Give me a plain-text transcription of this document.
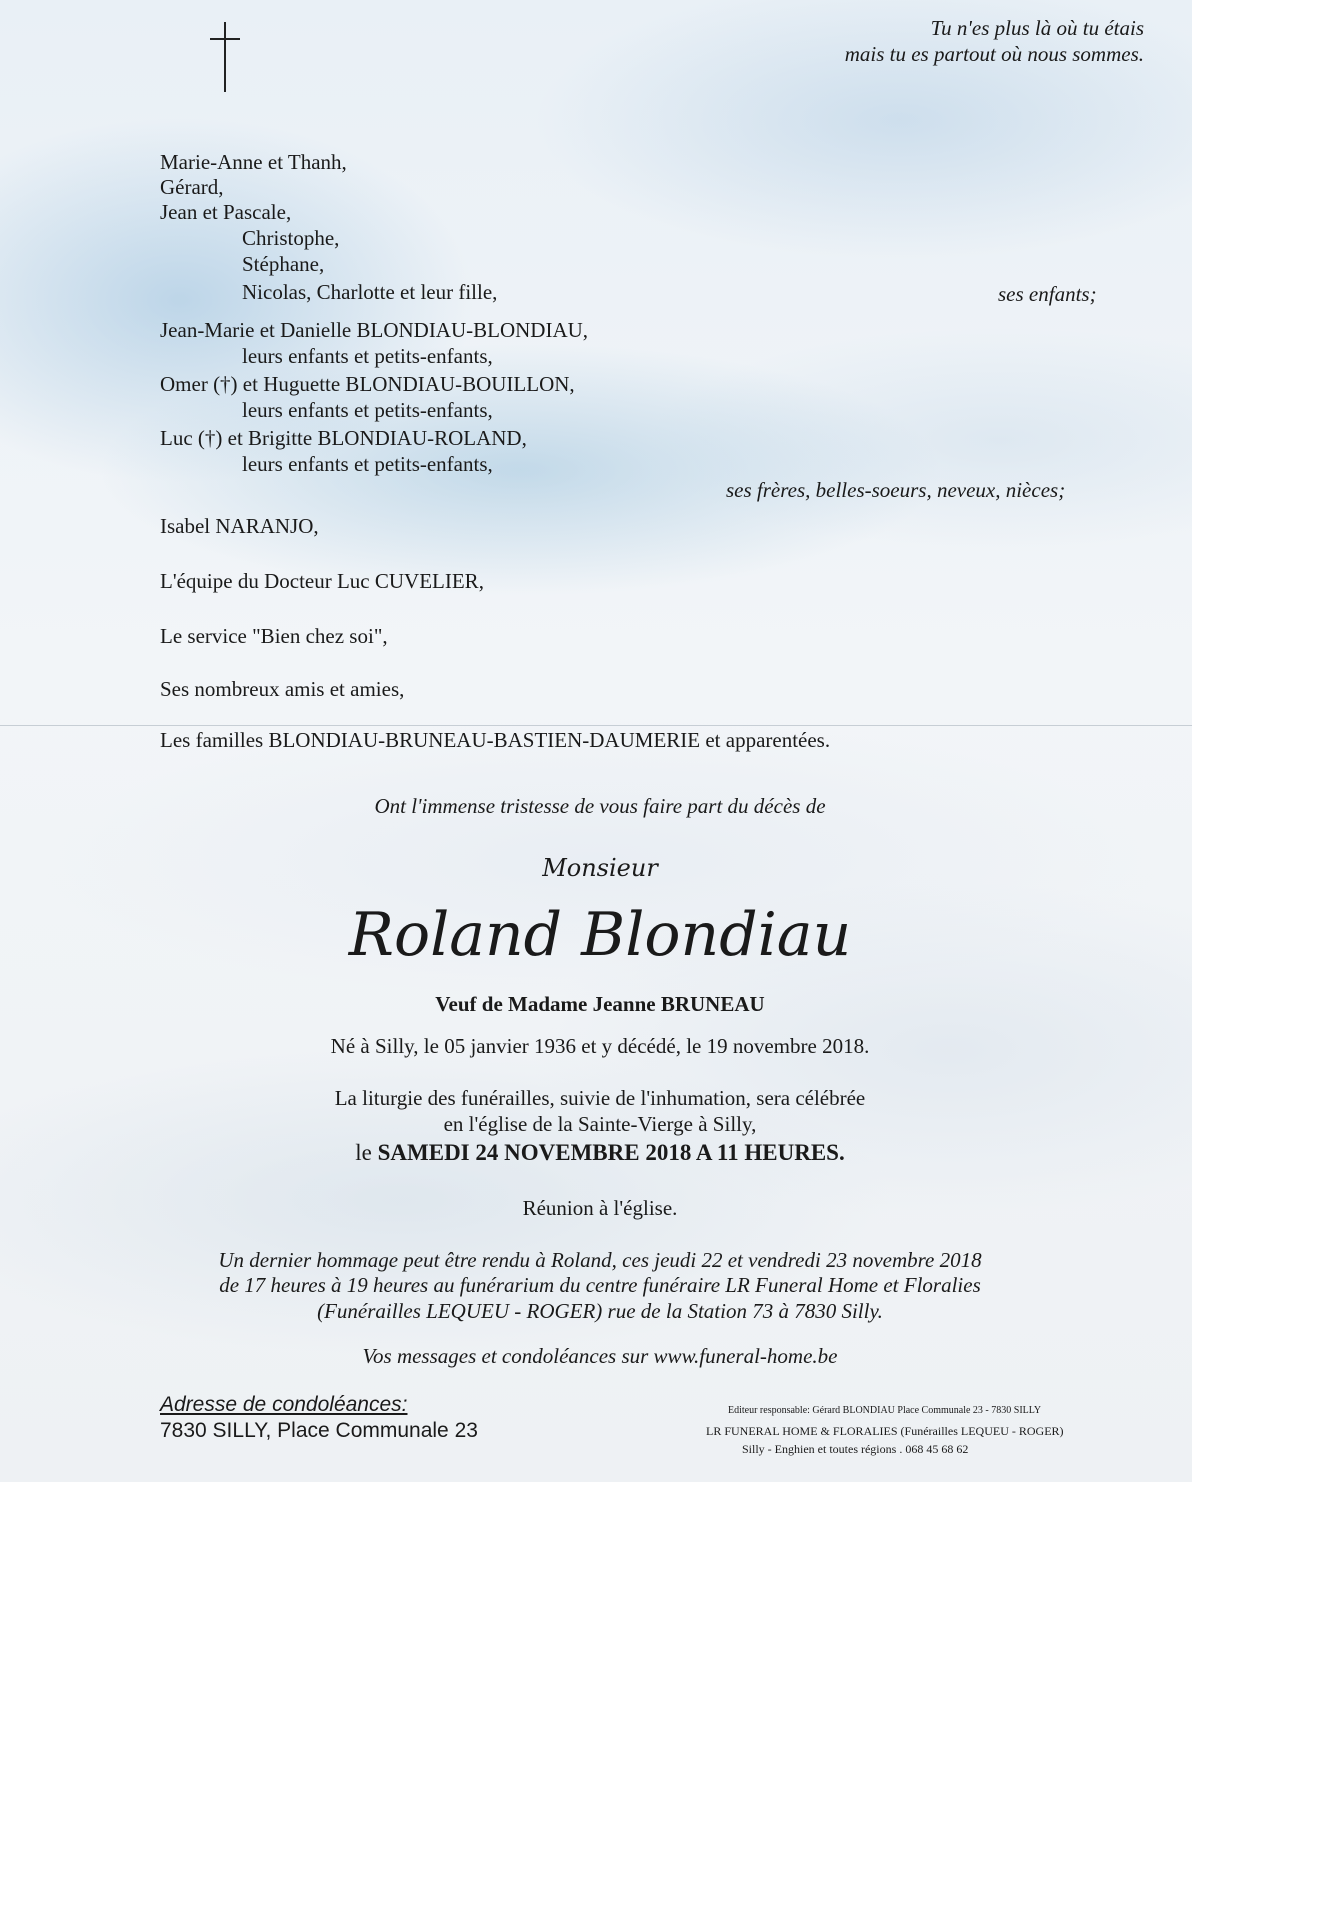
Tu n'es plus là où tu étais
mais tu es partout où nous sommes.
Marie-Anne et Thanh,
Gérard,
Jean et Pascale,
Christophe,
Stéphane,
Nicolas, Charlotte et leur fille,	ses enfants;
Jean-Marie et Danielle BLONDIAU-BLONDIAU,
leurs enfants et petits-enfants,
Omer (†) et Huguette BLONDIAU-BOUILLON,
leurs enfants et petits-enfants,
Luc (†) et Brigitte BLONDIAU-ROLAND,
leurs enfants et petits-enfants,
ses frères, belles-soeurs, neveux, nièces;
Isabel NARANJO,
L'équipe du Docteur Luc CUVELIER,
Le service "Bien chez soi",
Ses nombreux amis et amies,
Les familles BLONDIAU-BRUNEAU-BASTIEN-DAUMERIE et apparentées.
Ont l'immense tristesse de vous faire part du décès de
Monsieur
Roland Blondiau
Veuf de Madame Jeanne BRUNEAU
Né à Silly, le 05 janvier 1936 et y décédé, le 19 novembre 2018.
La liturgie des funérailles, suivie de l'inhumation, sera célébrée
en l'église de la Sainte-Vierge à Silly,
le SAMEDI 24 NOVEMBRE 2018 A 11 HEURES.
Réunion à l'église.
Un dernier hommage peut être rendu à Roland, ces jeudi 22 et vendredi 23 novembre 2018
de 17 heures à 19 heures au funérarium du centre funéraire LR Funeral Home et Floralies
(Funérailles LEQUEU - ROGER) rue de la Station 73 à 7830 Silly.
Vos messages et condoléances sur www.funeral-home.be
Adresse de condoléances:
7830 SILLY, Place Communale 23
Editeur responsable: Gérard BLONDIAU Place Communale 23 - 7830 SILLY
LR FUNERAL HOME & FLORALIES (Funérailles LEQUEU - ROGER)
Silly - Enghien et toutes régions . 068 45 68 62
